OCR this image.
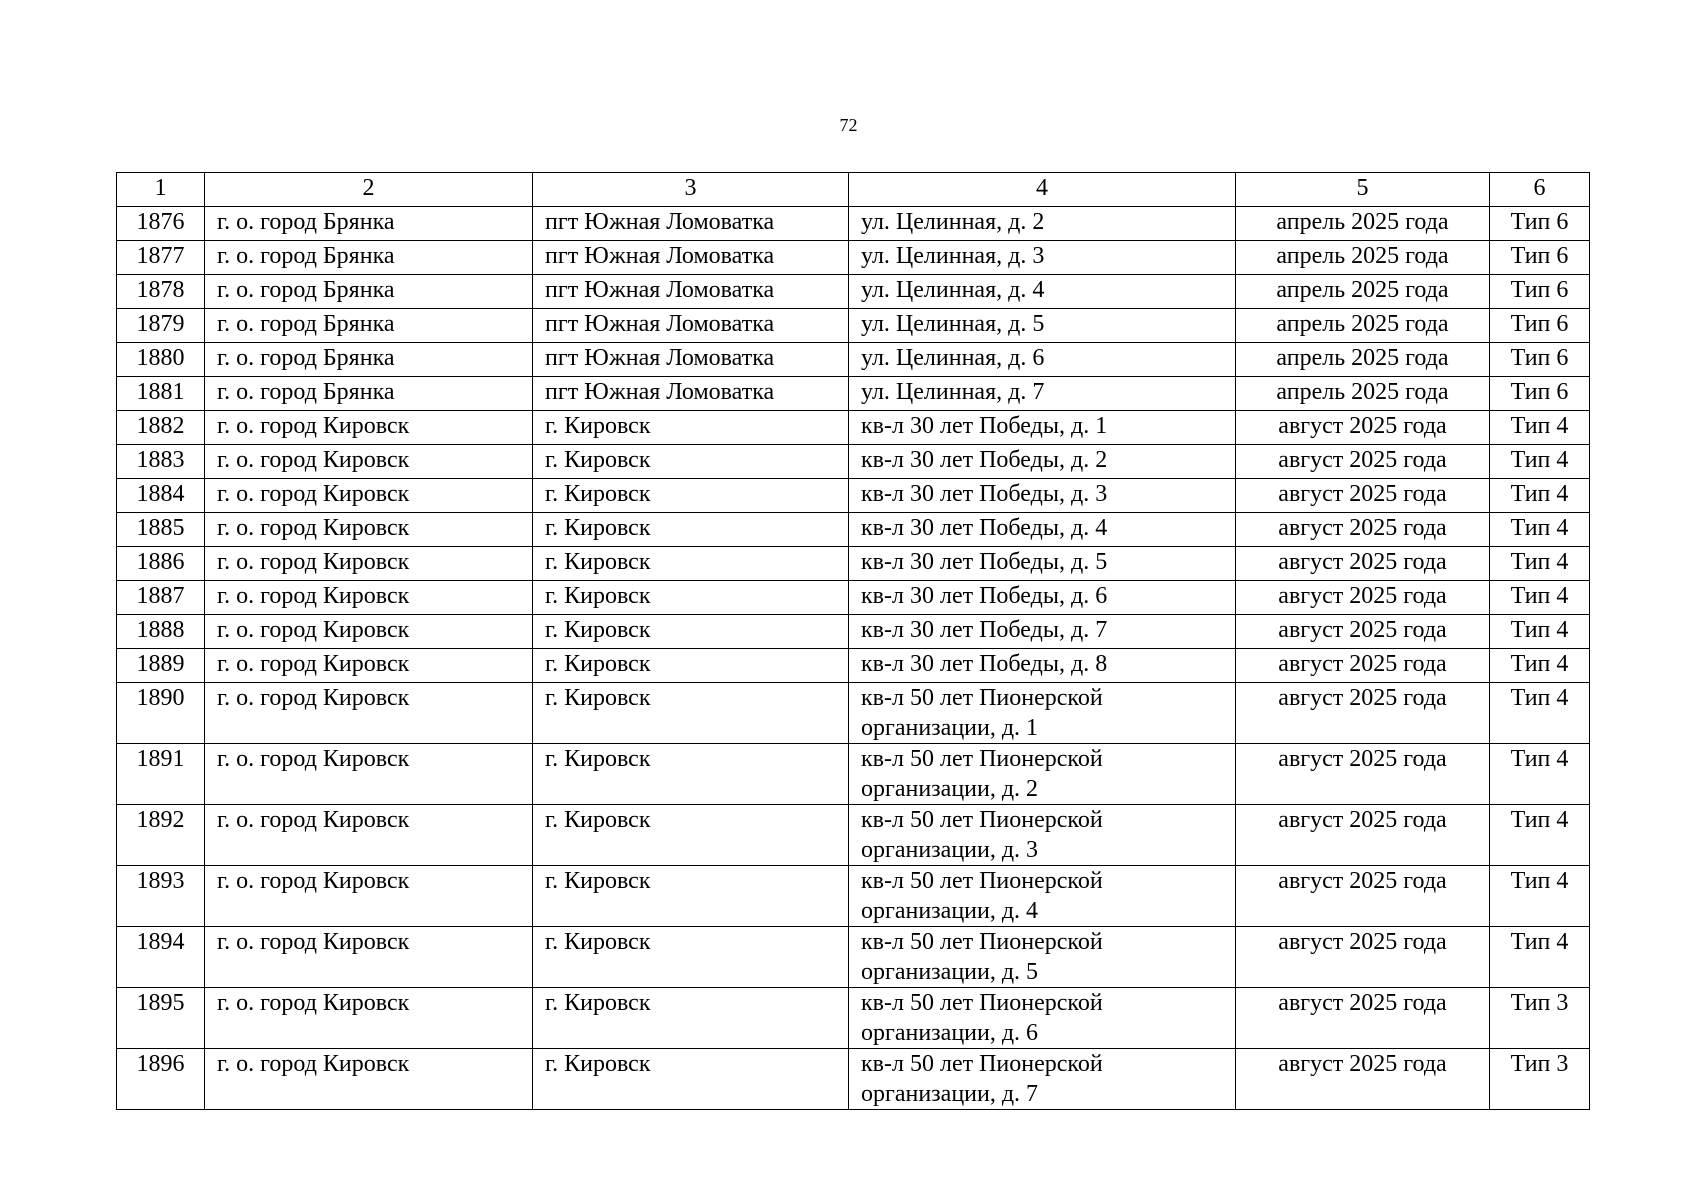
72
1	2	3	4	5	6
1876	г. о. город Брянка	пгт Южная Ломоватка	ул. Целинная, д. 2	апрель 2025 года	Тип 6
1877	г. о. город Брянка	пгт Южная Ломоватка	ул. Целинная, д. 3	апрель 2025 года	Тип 6
1878	г. о. город Брянка	пгт Южная Ломоватка	ул. Целинная, д. 4	апрель 2025 года	Тип 6
1879	г. о. город Брянка	пгт Южная Ломоватка	ул. Целинная, д. 5	апрель 2025 года	Тип 6
1880	г. о. город Брянка	пгт Южная Ломоватка	ул. Целинная, д. 6	апрель 2025 года	Тип 6
1881	г. о. город Брянка	пгт Южная Ломоватка	ул. Целинная, д. 7	апрель 2025 года	Тип 6
1882	г. о. город Кировск	г. Кировск	кв-л 30 лет Победы, д. 1	август 2025 года	Тип 4
1883	г. о. город Кировск	г. Кировск	кв-л 30 лет Победы, д. 2	август 2025 года	Тип 4
1884	г. о. город Кировск	г. Кировск	кв-л 30 лет Победы, д. 3	август 2025 года	Тип 4
1885	г. о. город Кировск	г. Кировск	кв-л 30 лет Победы, д. 4	август 2025 года	Тип 4
1886	г. о. город Кировск	г. Кировск	кв-л 30 лет Победы, д. 5	август 2025 года	Тип 4
1887	г. о. город Кировск	г. Кировск	кв-л 30 лет Победы, д. 6	август 2025 года	Тип 4
1888	г. о. город Кировск	г. Кировск	кв-л 30 лет Победы, д. 7	август 2025 года	Тип 4
1889	г. о. город Кировск	г. Кировск	кв-л 30 лет Победы, д. 8	август 2025 года	Тип 4
1890	г. о. город Кировск	г. Кировск	кв-л 50 лет Пионерской организации, д. 1	август 2025 года	Тип 4
1891	г. о. город Кировск	г. Кировск	кв-л 50 лет Пионерской организации, д. 2	август 2025 года	Тип 4
1892	г. о. город Кировск	г. Кировск	кв-л 50 лет Пионерской организации, д. 3	август 2025 года	Тип 4
1893	г. о. город Кировск	г. Кировск	кв-л 50 лет Пионерской организации, д. 4	август 2025 года	Тип 4
1894	г. о. город Кировск	г. Кировск	кв-л 50 лет Пионерской организации, д. 5	август 2025 года	Тип 4
1895	г. о. город Кировск	г. Кировск	кв-л 50 лет Пионерской организации, д. 6	август 2025 года	Тип 3
1896	г. о. город Кировск	г. Кировск	кв-л 50 лет Пионерской организации, д. 7	август 2025 года	Тип 3
